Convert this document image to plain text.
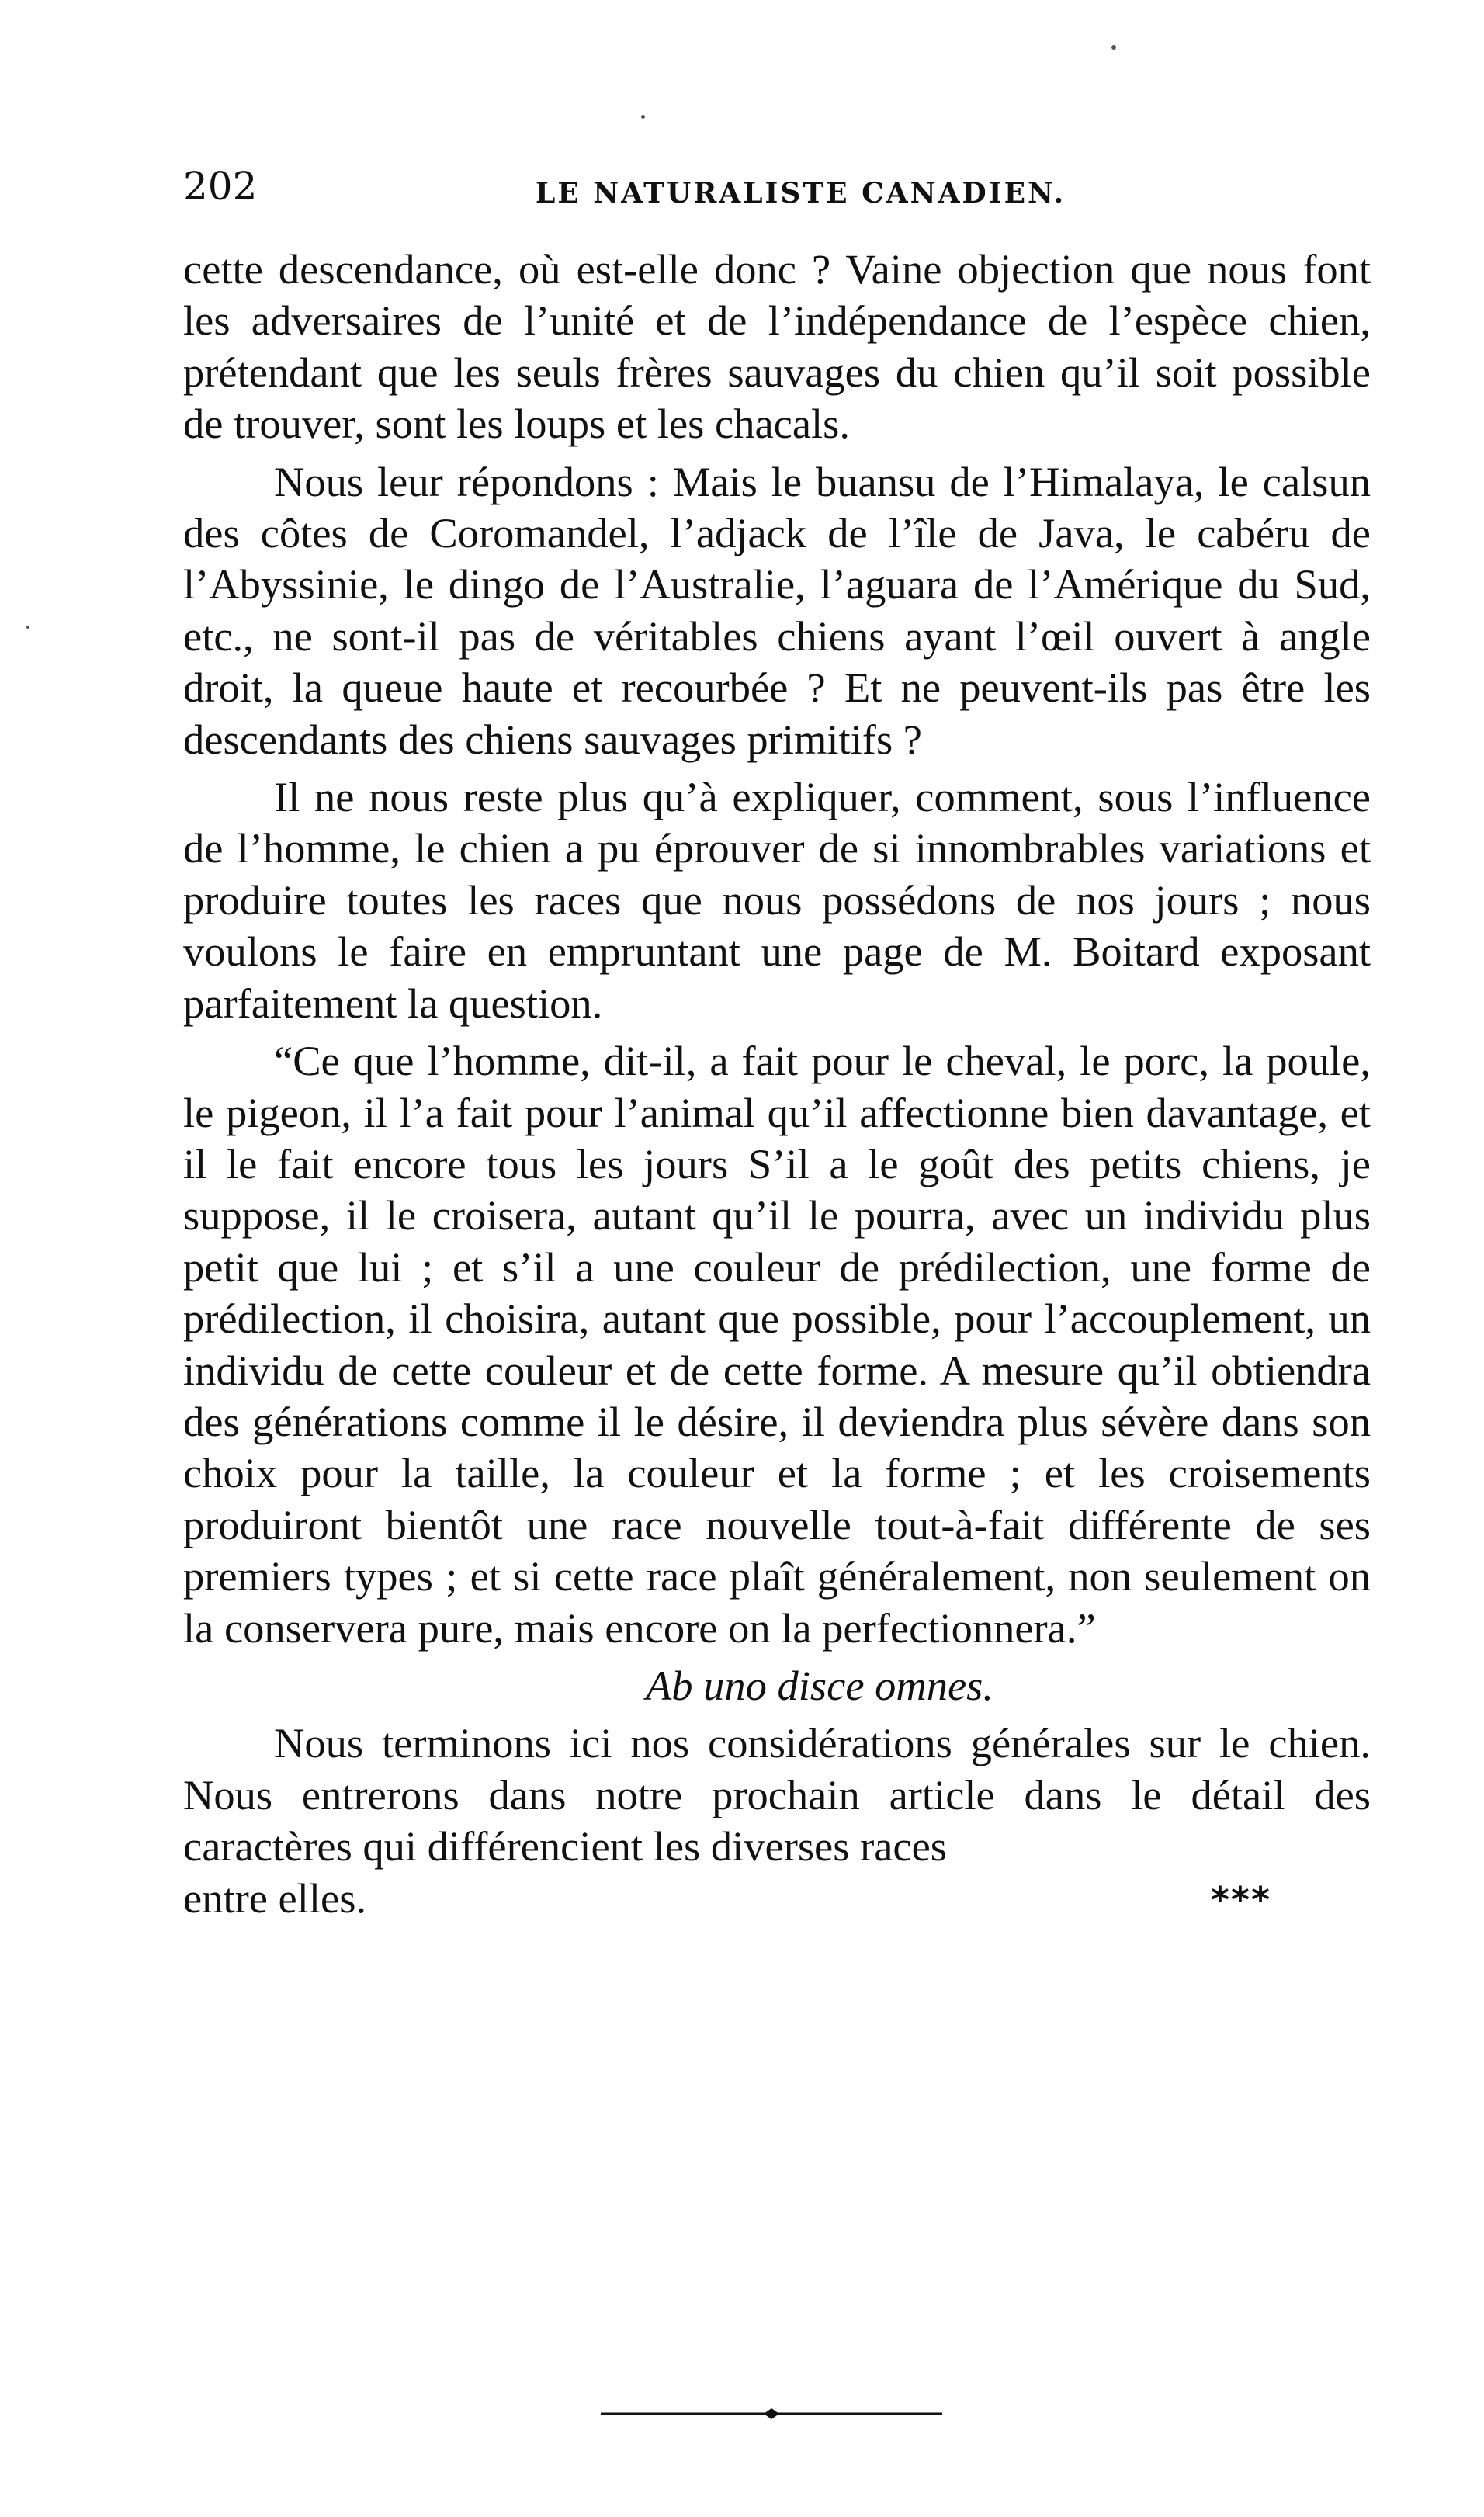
202	LE NATURALISTE CANADIEN.

cette descendance, où est-elle donc ? Vaine objection que nous font les adversaires de l’unité et de l’indépendance de l’espèce chien, prétendant que les seuls frères sauvages du chien qu’il soit possible de trouver, sont les loups et les chacals.

Nous leur répondons : Mais le buansu de l’Himalaya, le calsun des côtes de Coromandel, l’adjack de l’île de Java, le cabéru de l’Abyssinie, le dingo de l’Australie, l’aguara de l’Amérique du Sud, etc., ne sont-il pas de véritables chiens ayant l’œil ouvert à angle droit, la queue haute et recourbée ? Et ne peuvent-ils pas être les descendants des chiens sauvages primitifs ?

Il ne nous reste plus qu’à expliquer, comment, sous l’influence de l’homme, le chien a pu éprouver de si innombrables variations et produire toutes les races que nous possédons de nos jours ; nous voulons le faire en empruntant une page de M. Boitard exposant parfaitement la question.

“Ce que l’homme, dit-il, a fait pour le cheval, le porc, la poule, le pigeon, il l’a fait pour l’animal qu’il affectionne bien davantage, et il le fait encore tous les jours S’il a le goût des petits chiens, je suppose, il le croisera, autant qu’il le pourra, avec un individu plus petit que lui ; et s’il a une couleur de prédilection, une forme de prédilection, il choisira, autant que possible, pour l’accouplement, un individu de cette couleur et de cette forme. A mesure qu’il obtiendra des générations comme il le désire, il deviendra plus sévère dans son choix pour la taille, la couleur et la forme ; et les croisements produiront bientôt une race nouvelle tout-à-fait différente de ses premiers types ; et si cette race plaît généralement, non seulement on la conservera pure, mais encore on la perfectionnera.”

Ab uno disce omnes.

Nous terminons ici nos considérations générales sur le chien. Nous entrerons dans notre prochain article dans le détail des caractères qui différencient les diverses races

entre elles.	***
